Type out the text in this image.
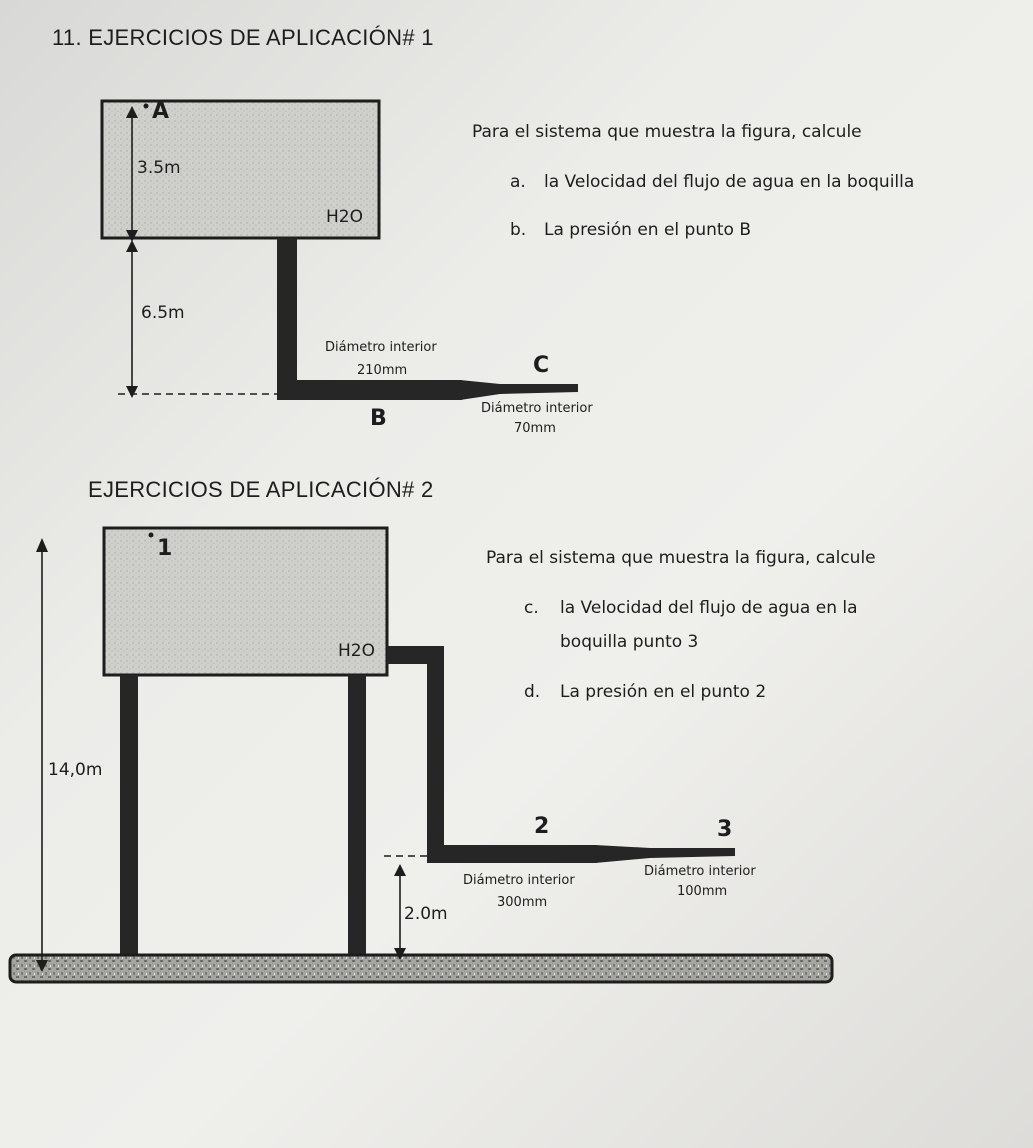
11. EJERCICIOS DE APLICACIÓN# 1
Para el sistema que muestra la figura, calcule
a. la Velocidad del flujo de agua en la boquilla
b. La presión en el punto B
A
3.5m
H2O
6.5m
Diámetro interior
210mm	C
B	Diámetro interior
70mm
EJERCICIOS DE APLICACIÓN# 2
Para el sistema que muestra la figura, calcule
c. la Velocidad del flujo de agua en la
boquilla punto 3
d. La presión en el punto 2
1
H2O
14,0m
2	3
Diámetro interior
300mm
Diámetro interior
100mm
2.0m
